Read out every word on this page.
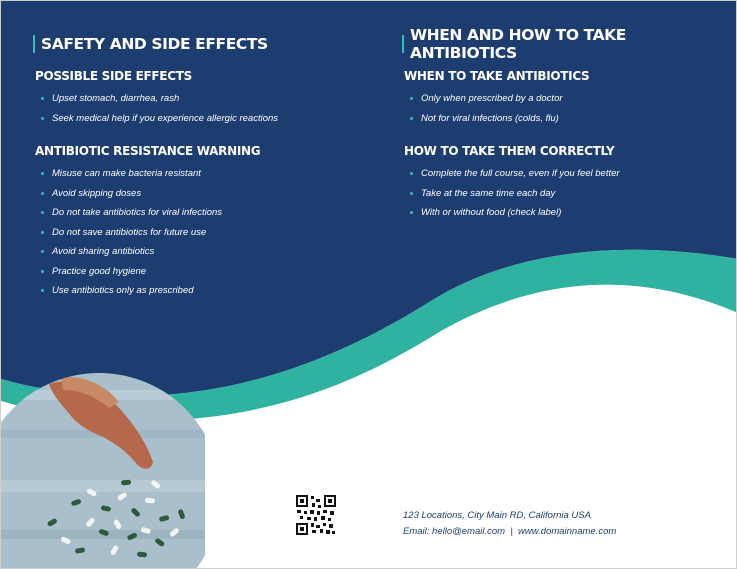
SAFETY AND SIDE EFFECTS
POSSIBLE SIDE EFFECTS
Upset stomach, diarrhea, rash
Seek medical help if you experience allergic reactions
ANTIBIOTIC RESISTANCE WARNING
Misuse can make bacteria resistant
Avoid skipping doses
Do not take antibiotics for viral infections
Do not save antibiotics for future use
Avoid sharing antibiotics
Practice good hygiene
Use antibiotics only as prescribed
WHEN AND HOW TO TAKE ANTIBIOTICS
WHEN TO TAKE ANTIBIOTICS
Only when prescribed by a doctor
Not for viral infections (colds, flu)
HOW TO TAKE THEM CORRECTLY
Complete the full course, even if you feel better
Take at the same time each day
With or without food (check label)
123 Locations, City Main RD, California USA
Email: hello@email.com  |  www.domainname.com
